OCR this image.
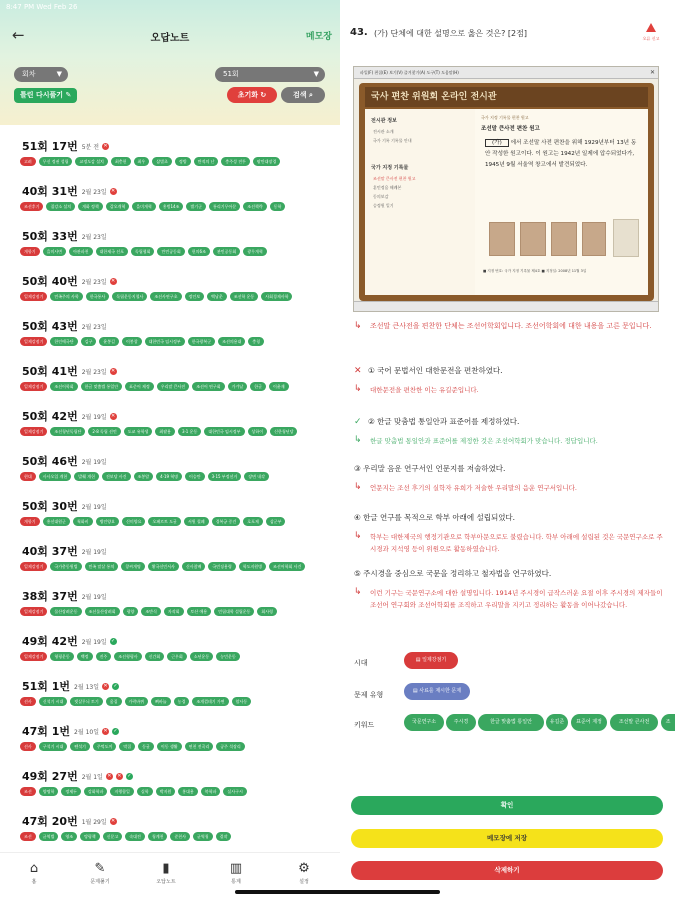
8:47 PM Wed Feb 26
←	오답노트	메모장
회차	▼	51회	▼
틀린 다시풀기 ✎	초기화 ↻	검색 ⌕
51회 17번 5분 전 ✕
고려	무신 정권 성립	교정도감 설치	최충헌	최우	삼별초	정방	만적의 난	충주성 전투	팔만대장경
40회 31번 2월 23일 ✕
조선후기	집강소 설치	개화 정책	갑오개혁	을미개혁	홍범14조	별기군	통리기무아문	조선책략	동학
50회 33번 2월 23일
개항기	을미사변	아관파천	대한제국 선포	독립협회	만민공동회	헌의6조	관민공동회	광무개혁
50회 40번 2월 23일 ✕
일제강점기	민족주의 사학	한국통사	독립운동지혈사	조선사연구초	정인보	백남운	조선학 운동	사회경제사학
50회 43번 2월 23일
일제강점기	한인애국단	김구	윤봉길	이봉창	대한민국 임시정부	한국광복군	조선의용대	충칭
50회 41번 2월 23일 ✕
일제강점기	조선어학회	한글 맞춤법 통일안	표준어 제정	우리말 큰사전	조선어 연구회	가갸날	한글	이윤재
50회 42번 2월 19일 ✕
일제강점기	조선청년독립단	2·8 독립 선언	도쿄 유학생	최팔용	3·1 운동	대한민국 임시정부	상하이	신한청년당
50회 46번 2월 19일
현대	사사오입 개헌	발췌 개헌	진보당 사건	조봉암	4·19 혁명	이승만	3·15 부정선거	장면 내각
50회 30번 2월 19일
개항기	흥선대원군	척화비	병인양요	신미양요	오페르트 도굴	서원 철폐	경복궁 중건	호포제	삼군부
40회 37번 2월 19일
일제강점기	국가총동원법	민족 말살 통치	창씨개명	황국신민서사	신사참배	국민징용령	학도지원병	조선어학회 사건
38회 37번 2월 19일
일제강점기	물산장려운동	조선물산장려회	평양	조만식	자작회	토산 애용	민립대학 설립운동	회사령
49회 42번 2월 19일 ✓
일제강점기	형평운동	백정	진주	조선형평사	신간회	근우회	소년운동	농민운동
51회 1번 2월 13일 ✕ ✓
선사	신석기 시대	빗살무늬 토기	움집	가락바퀴	뼈바늘	농경	조개껍데기 가면	암사동
47회 1번 2월 10일 ✕ ✓
선사	구석기 시대	뗀석기	주먹도끼	막집	동굴	이동 생활	연천 전곡리	공주 석장리
49회 27번 2월 1일 ✕ ✕ ✓
조선	양명학	정제두	강화학파	지행합일	실학	박지원	홍대용	북학파	실사구시
47회 20번 1월 29일 ✕
조선	균역법	영조	탕평책	신문고	속대전	청계천	준천사	균역청	결작
⌂
홈
✎
문제풀기
▮
오답노트
▥
통계
⚙
설정
43. (가) 단체에 대한 설명으로 옳은 것은? [2점]
오류 신고
파일(F) 편집(E) 보기(V) 즐겨찾기(A) 도구(T) 도움말(H)	✕
국사 편찬 위원회 온라인 전시관
전시관 정보
전시관 소개
국가 기록 기록물 안내
국가 지정 기록물
조선말 큰사전 편찬 원고
훈민정음 해례본
동의보감
승정원 일기
국가 지정 기록물 편찬 원고
조선말 큰사전 편찬 원고
(가) 에서 조선말 사전 편찬을 위해 1929년부터 13년 동안 작성한 원고이다. 이 원고는 1942년 일제에 압수되었다가, 1945년 9월 서울역 창고에서 발견되었다.
■ 지정 번호: 국가 지정 기록물 제4호 ■ 지정일: 2008년 11월 3일
↳	조선말 큰사전을 편찬한 단체는 조선어학회입니다. 조선어학회에 대한 내용을 고른 문입니다.
✕ ① 국어 문법서인 대한문전을 편찬하였다.
↳ 대한문전을 편찬한 이는 유길준입니다.
✓ ② 한글 맞춤법 통일안과 표준어를 제정하였다.
↳ 한글 맞춤법 통일안과 표준어를 제정한 것은 조선어학회가 맞습니다. 정답입니다.
③ 우리말 음운 연구서인 언문지를 저술하였다.
↳ 언문지는 조선 후기의 실학자 유희가 저술한 우리말의 음운 연구서입니다.
④ 한글 연구를 목적으로 학부 아래에 설립되었다.
↳ 학부는 대한제국의 행정기관으로 학부아문으로도 불렸습니다. 학부 아래에 설립된 것은 국문연구소로 주시경과 지석영 등이 위원으로 활동하였습니다.
⑤ 주시경을 중심으로 국문을 정리하고 철자법을 연구하였다.
↳ 이런 기구는 국문연구소에 대한 설명입니다. 1914년 주시경이 급작스러운 요절 이후 주시경의 제자들이 조선어 연구회와 조선어학회를 조직하고 우리말을 지키고 정리하는 활동을 이어나갔습니다.
시대	▤ 일제강점기
문제 유형	▤ 사료를 제시한 문제
키워드	국문연구소	주시경	한글 맞춤법 통일안	유길준	표준어 제정	조선말 큰사전	조
확인
메모장에 저장
삭제하기
